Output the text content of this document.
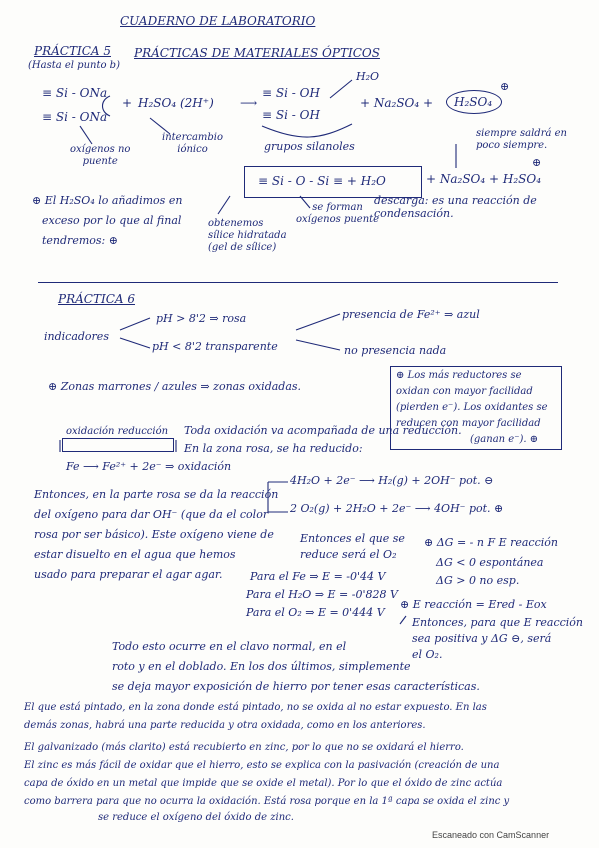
CUADERNO DE LABORATORIO
PRÁCTICA 5
(Hasta el punto b)
PRÁCTICAS DE MATERIALES ÓPTICOS
≡ Si - ONa
≡ Si - ONa
+ H₂SO₄ (2H⁺) ⟶
≡ Si - OH
≡ Si - OH
H₂O
+ Na₂SO₄ + H₂SO₄
⊕
oxígenos no
puente
intercambio
iónico	grupos silanoles
siempre saldrá en
poco siempre.
⊕
≡ Si - O - Si ≡ + H₂O	+ Na₂SO₄ + H₂SO₄
⊕ El H₂SO₄ lo añadimos en
exceso por lo que al final
tendremos: ⊕
obtenemos
sílice hidratada
(gel de sílice)
se forman
oxígenos puente
descarga: es una reacción de
condensación.
PRÁCTICA 6
indicadores
pH > 8'2 ⇒ rosa
pH < 8'2 transparente
presencia de Fe²⁺ ⇒ azul
no presencia nada
⊕ Zonas marrones / azules ⇒ zonas oxidadas.
⊕ Los más reductores se
oxidan con mayor facilidad
(pierden e⁻). Los oxidantes se
reducen con mayor facilidad
(ganan e⁻). ⊕
oxidación reducción
Fe ⟶ Fe²⁺ + 2e⁻ ⇒ oxidación
Toda oxidación va acompañada de una reducción.
En la zona rosa, se ha reducido:
4H₂O + 2e⁻ ⟶ H₂(g) + 2OH⁻ pot. ⊖
2 O₂(g) + 2H₂O + 2e⁻ ⟶ 4OH⁻ pot. ⊕
Entonces, en la parte rosa se da la reacción
del oxígeno para dar OH⁻ (que da el color
rosa por ser básico). Este oxígeno viene de
estar disuelto en el agua que hemos
usado para preparar el agar agar.
Entonces el que se
reduce será el O₂
⊕ ΔG = - n F E reacción
ΔG < 0 espontánea
ΔG > 0 no esp.
Para el Fe ⇒ E = -0'44 V
Para el H₂O ⇒ E = -0'828 V
Para el O₂ ⇒ E = 0'444 V
⊕ E reacción = Ered - Eox
Entonces, para que E reacción
sea positiva y ΔG ⊖, será
el O₂.
Todo esto ocurre en el clavo normal, en el
roto y en el doblado. En los dos últimos, simplemente
se deja mayor exposición de hierro por tener esas características.
El que está pintado, en la zona donde está pintado, no se oxida al no estar expuesto. En las
demás zonas, habrá una parte reducida y otra oxidada, como en los anteriores.
El galvanizado (más clarito) está recubierto en zinc, por lo que no se oxidará el hierro.
El zinc es más fácil de oxidar que el hierro, esto se explica con la pasivación (creación de una
capa de óxido en un metal que impide que se oxide el metal). Por lo que el óxido de zinc actúa
como barrera para que no ocurra la oxidación. Está rosa porque en la 1ª capa se oxida el zinc y
se reduce el oxígeno del óxido de zinc.
Escaneado con CamScanner
